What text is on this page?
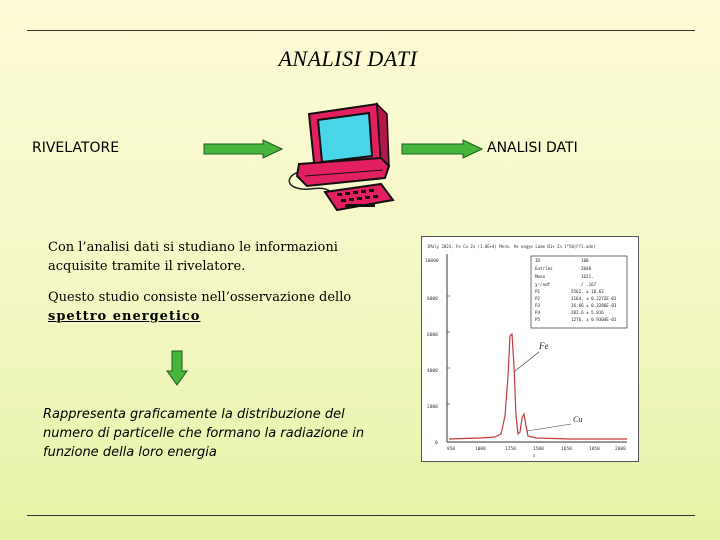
ANALISI DATI
RIVELATORE	ANALISI DATI
Con l’analisi dati si studiano le informazioni acquisite tramite il rivelatore.
Questo studio consiste nell’osservazione dello
spettro energetico
Rappresenta graficamente la distribuzione del numero di particelle che formano la radiazione in funzione della loro energia
1Maly 2024, Fe Cu Zn (1.0E+4) Merm. Ve nagye Lame N1+ Zn 1*50(Ff1.ade)
ID	100
Entries	2048
Mean	1621.
χ²/ndf	/ .167
P1	5562. ± 16.62
P2	1164. ± 0.2272E-01
P3	16.66 ± 0.3286E-01
P4	202.6 ± 5.816
P5	1276. ± 0.9304E-01
10000
8000
6000
4000
2000
0
850	1000	1250	1500	1650	1850	2000
Fe
Cu
s
